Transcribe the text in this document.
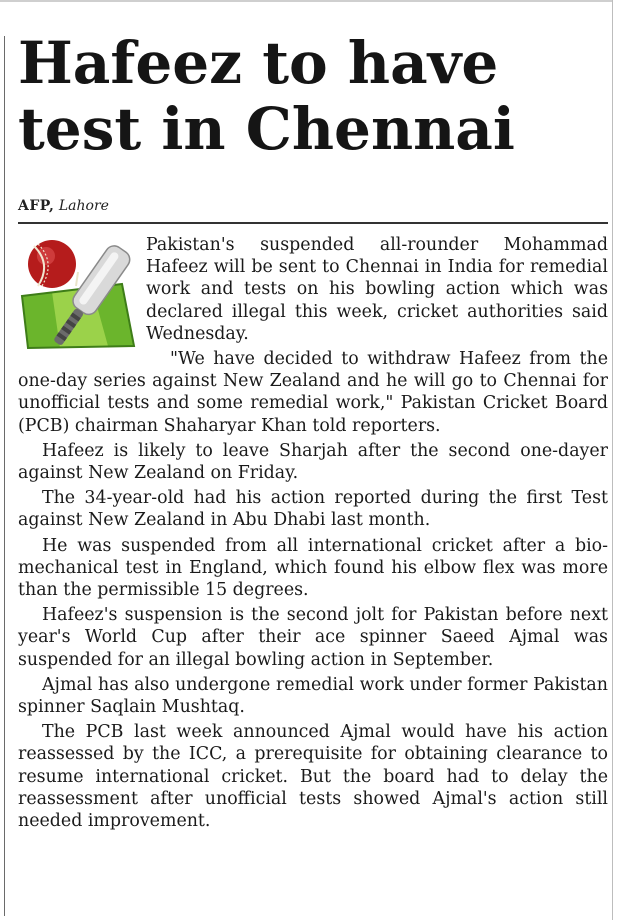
Hafeez to have
test in Chennai
AFP, Lahore

Pakistan's suspended all-rounder Mohammad Hafeez will be sent to Chennai in India for remedial work and tests on his bowling action which was declared illegal this week, cricket authorities said Wednesday.

"We have decided to withdraw Hafeez from the one-day series against New Zealand and he will go to Chennai for unofficial tests and some remedial work," Pakistan Cricket Board (PCB) chairman Shaharyar Khan told reporters.

Hafeez is likely to leave Sharjah after the second one-dayer against New Zealand on Friday.

The 34-year-old had his action reported during the first Test against New Zealand in Abu Dhabi last month.

He was suspended from all international cricket after a bio-mechanical test in England, which found his elbow flex was more than the permissible 15 degrees.

Hafeez's suspension is the second jolt for Pakistan before next year's World Cup after their ace spinner Saeed Ajmal was suspended for an illegal bowling action in September.

Ajmal has also undergone remedial work under former Pakistan spinner Saqlain Mushtaq.

The PCB last week announced Ajmal would have his action reassessed by the ICC, a prerequisite for obtaining clearance to resume international cricket. But the board had to delay the reassessment after unofficial tests showed Ajmal's action still needed improvement.
